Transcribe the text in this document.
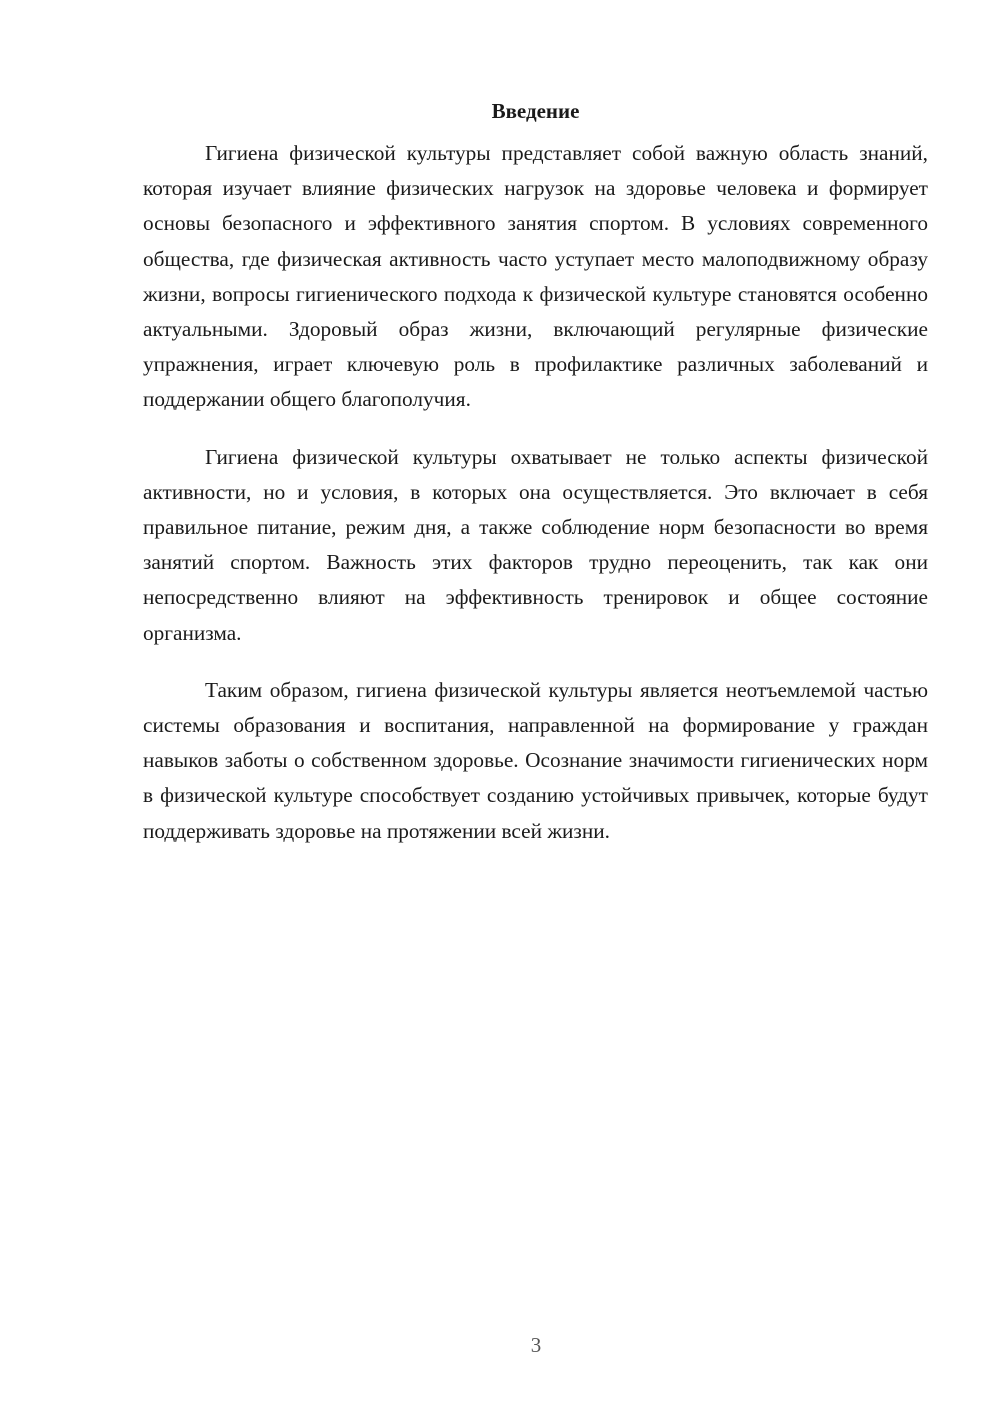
Введение

Гигиена физической культуры представляет собой важную область знаний, которая изучает влияние физических нагрузок на здоровье человека и формирует основы безопасного и эффективного занятия спортом. В условиях современного общества, где физическая активность часто уступает место малоподвижному образу жизни, вопросы гигиенического подхода к физической культуре становятся особенно актуальными. Здоровый образ жизни, включающий регулярные физические упражнения, играет ключевую роль в профилактике различных заболеваний и поддержании общего благополучия.

Гигиена физической культуры охватывает не только аспекты физической активности, но и условия, в которых она осуществляется. Это включает в себя правильное питание, режим дня, а также соблюдение норм безопасности во время занятий спортом. Важность этих факторов трудно переоценить, так как они непосредственно влияют на эффективность тренировок и общее состояние организма.

Таким образом, гигиена физической культуры является неотъемлемой частью системы образования и воспитания, направленной на формирование у граждан навыков заботы о собственном здоровье. Осознание значимости гигиенических норм в физической культуре способствует созданию устойчивых привычек, которые будут поддерживать здоровье на протяжении всей жизни.

3
